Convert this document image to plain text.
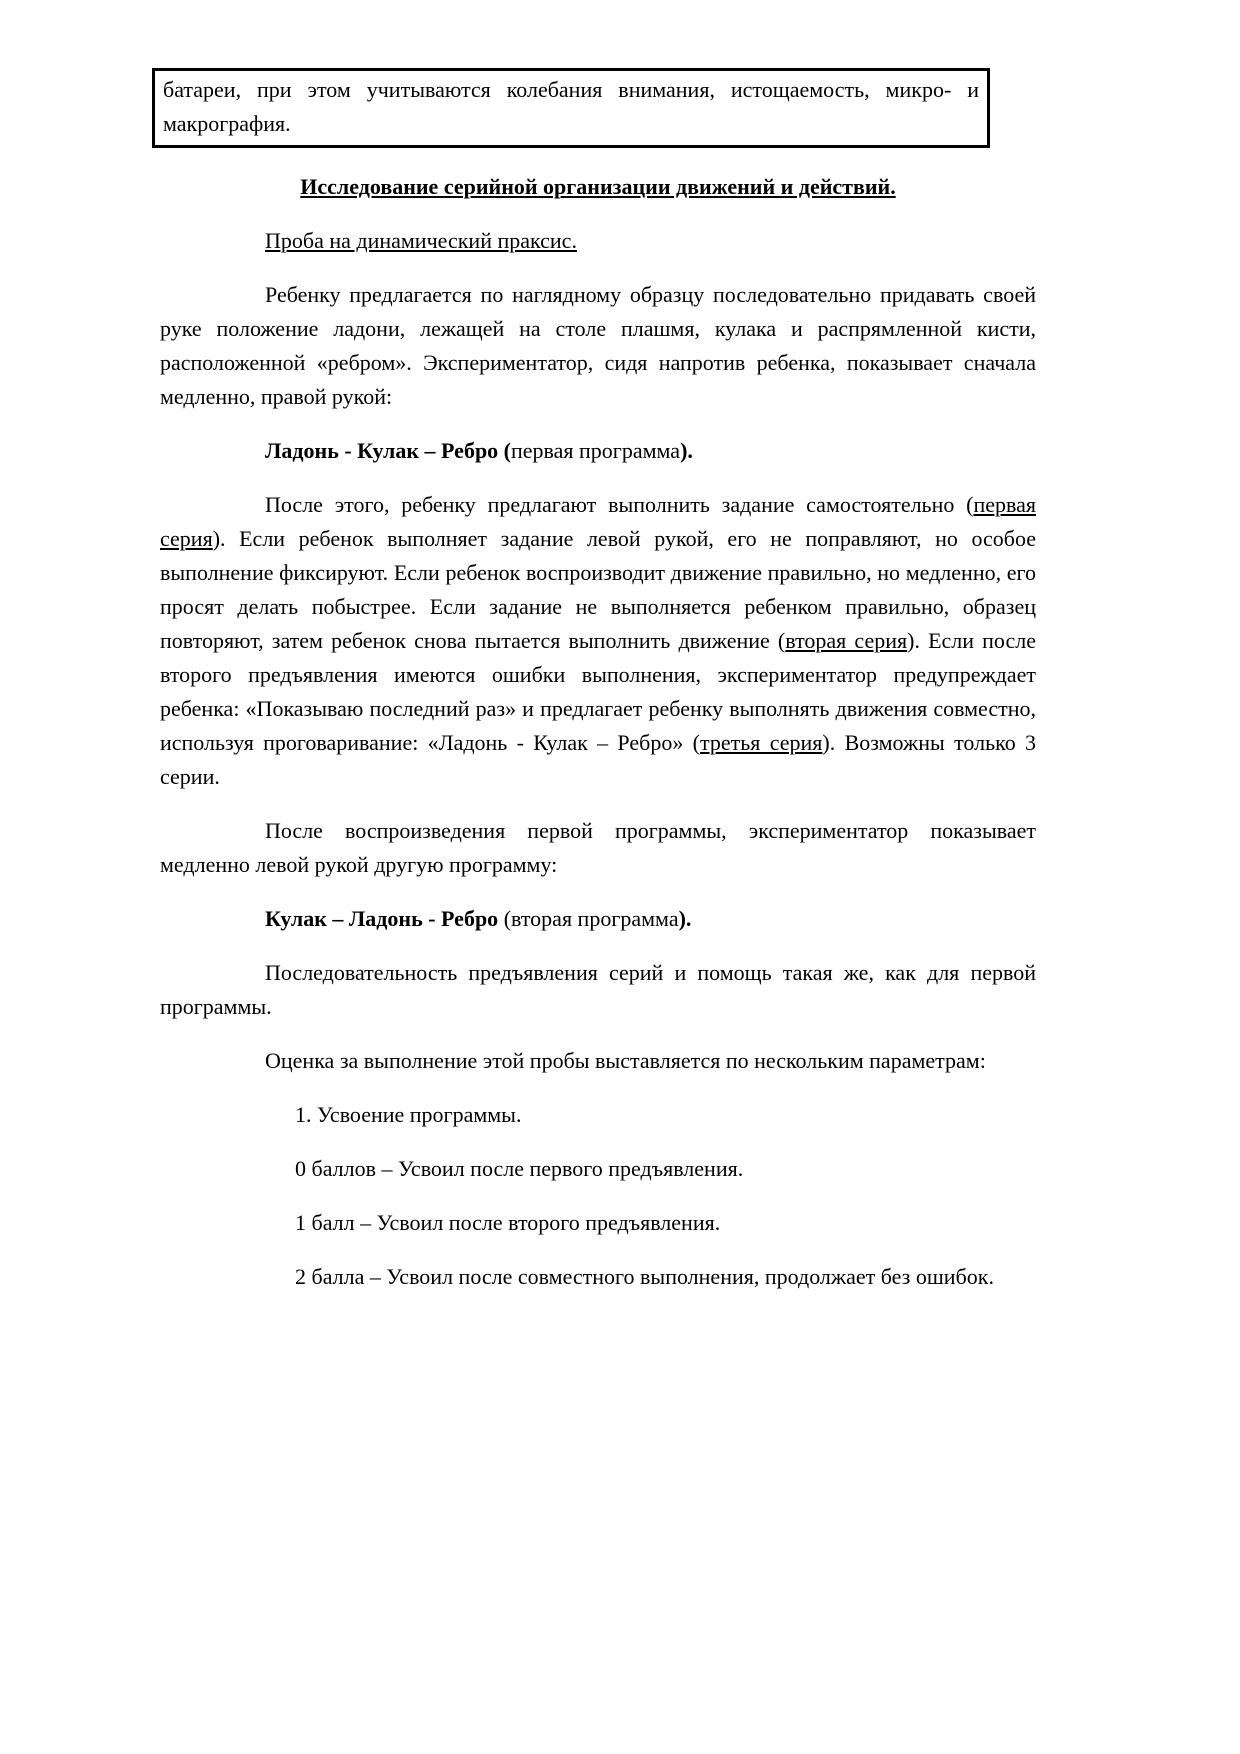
батареи, при этом учитываются колебания внимания, истощаемость, микро- и макрография.

Исследование серийной организации движений и действий.

Проба на динамический праксис.

Ребенку предлагается по наглядному образцу последовательно придавать своей руке положение ладони, лежащей на столе плашмя, кулака и распрямленной кисти, расположенной «ребром». Экспериментатор, сидя напротив ребенка, показывает сначала медленно, правой рукой:

Ладонь - Кулак – Ребро (первая программа).

После этого, ребенку предлагают выполнить задание самостоятельно (первая серия). Если ребенок выполняет задание левой рукой, его не поправляют, но особое выполнение фиксируют. Если ребенок воспроизводит движение правильно, но медленно, его просят делать побыстрее. Если задание не выполняется ребенком правильно, образец повторяют, затем ребенок снова пытается выполнить движение (вторая серия). Если после второго предъявления имеются ошибки выполнения, экспериментатор предупреждает ребенка: «Показываю последний раз» и предлагает ребенку выполнять движения совместно, используя проговаривание: «Ладонь - Кулак – Ребро» (третья серия). Возможны только 3 серии.

После воспроизведения первой программы, экспериментатор показывает медленно левой рукой другую программу:

Кулак – Ладонь - Ребро (вторая программа).

Последовательность предъявления серий и помощь такая же, как для первой программы.

Оценка за выполнение этой пробы выставляется по нескольким параметрам:

1. Усвоение программы.

0 баллов – Усвоил после первого предъявления.

1 балл – Усвоил после второго предъявления.

2 балла – Усвоил после совместного выполнения, продолжает без ошибок.
